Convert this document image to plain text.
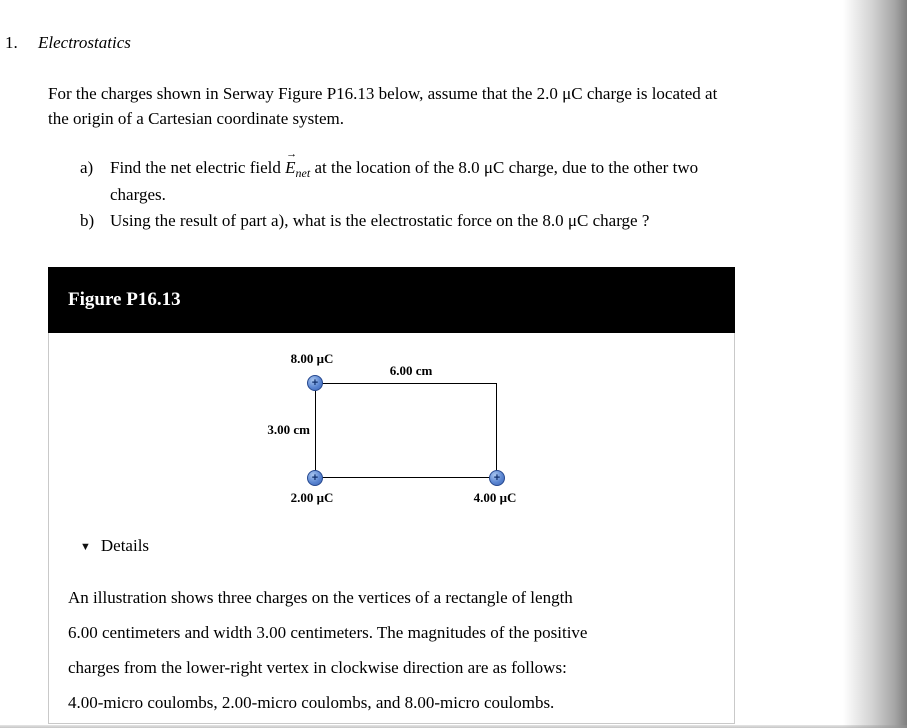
1. Electrostatics
For the charges shown in Serway Figure P16.13 below, assume that the 2.0 μC charge is located at
the origin of a Cartesian coordinate system.
a) Find the net electric field
→
$E_{net}$ at the location of the 8.0 μC charge, due to the other two
charges.
b) Using the result of part a), what is the electrostatic force on the 8.0 μC charge ?
Figure P16.13
+
+	+
8.00 μC
6.00 cm
3.00 cm
2.00 μC	4.00 μC
▼ Details
An illustration shows three charges on the vertices of a rectangle of length
6.00 centimeters and width 3.00 centimeters. The magnitudes of the positive
charges from the lower-right vertex in clockwise direction are as follows:
4.00-micro coulombs, 2.00-micro coulombs, and 8.00-micro coulombs.
